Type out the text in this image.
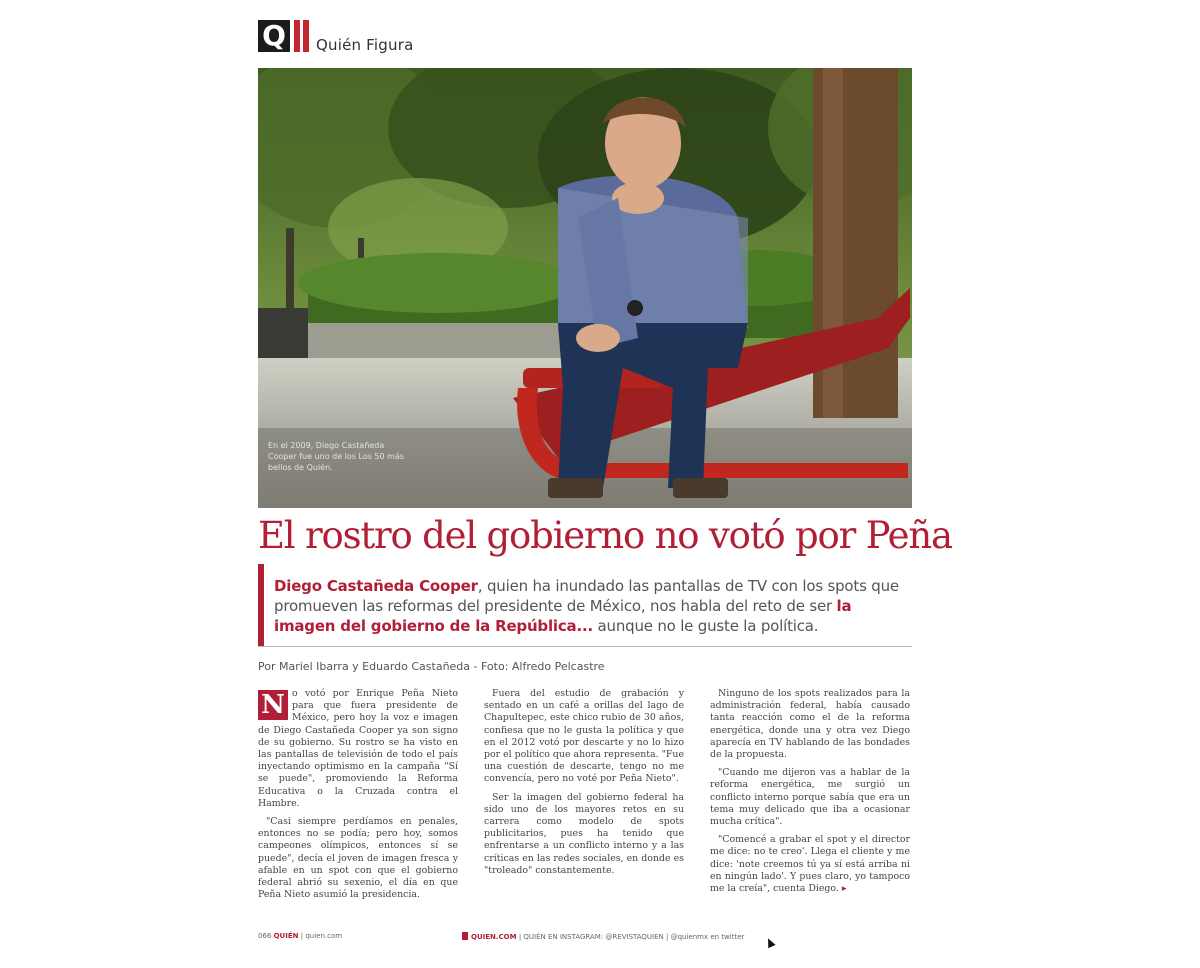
Q Quién Figura
En el 2009, Diego Castañeda Cooper fue uno de los Los 50 más bellos de Quién.
El rostro del gobierno no votó por Peña
Diego Castañeda Cooper, quien ha inundado las pantallas de TV con los spots que promueven las reformas del presidente de México, nos habla del reto de ser la imagen del gobierno de la República... aunque no le guste la política.
Por Mariel Ibarra y Eduardo Castañeda - Foto: Alfredo Pelcastre

N o votó por Enrique Peña Nieto para que fuera presidente de México, pero hoy la voz e imagen de Diego Castañeda Cooper ya son signo de su gobierno. Su rostro se ha visto en las pantallas de televisión de todo el país inyectando optimismo en la campaña "Sí se puede", promoviendo la Reforma Educativa o la Cruzada contra el Hambre.

"Casi siempre perdíamos en penales, entonces no se podía; pero hoy, somos campeones olímpicos, entonces sí se puede", decía el joven de imagen fresca y afable en un spot con que el gobierno federal abrió su sexenio, el día en que Peña Nieto asumió la presidencia.

Fuera del estudio de grabación y sentado en un café a orillas del lago de Chapultepec, este chico rubio de 30 años, confiesa que no le gusta la política y que en el 2012 votó por descarte y no lo hizo por el político que ahora representa. "Fue una cuestión de descarte, tengo no me convencía, pero no voté por Peña Nieto".

Ser la imagen del gobierno federal ha sido uno de los mayores retos en su carrera como modelo de spots publicitarios, pues ha tenido que enfrentarse a un conflicto interno y a las críticas en las redes sociales, en donde es "troleado" constantemente.

Ninguno de los spots realizados para la administración federal, había causado tanta reacción como el de la reforma energética, donde una y otra vez Diego aparecía en TV hablando de las bondades de la propuesta.

"Cuando me dijeron vas a hablar de la reforma energética, me surgió un conflicto interno porque sabía que era un tema muy delicado que iba a ocasionar mucha crítica".

"Comencé a grabar el spot y el director me dice: no te creo'. Llega el cliente y me dice: 'note creemos tú ya sí está arriba ni en ningún lado'. Y pues claro, yo tampoco me la creía", cuenta Diego. ▸

066 QUIÉN | quien.com	QUIEN.COM | QUIÉN EN INSTAGRAM: @REVISTAQUIEN | @quienmx en twitter
